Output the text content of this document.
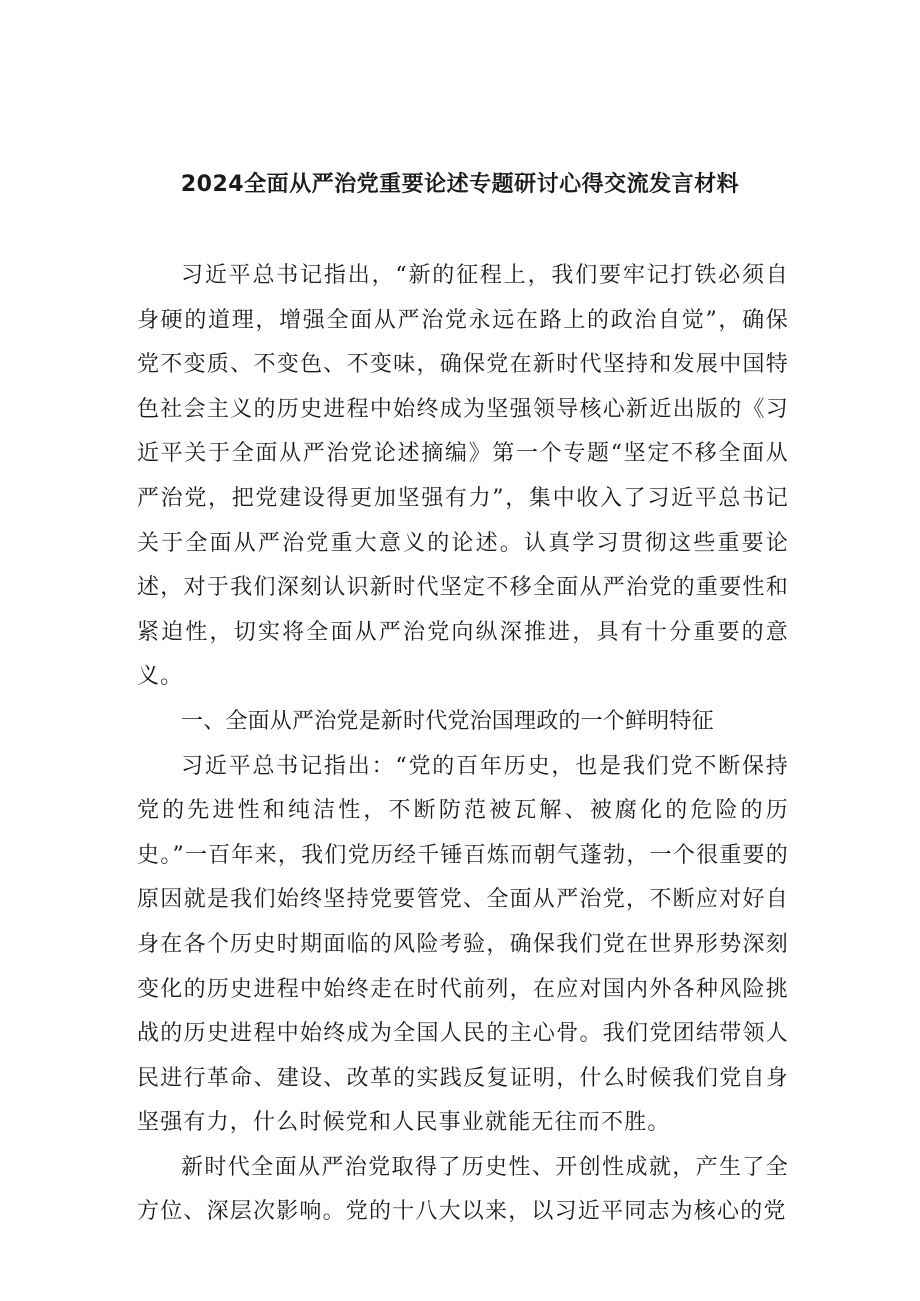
2024全面从严治党重要论述专题研讨心得交流发言材料

习近平总书记指出，“新的征程上，我们要牢记打铁必须自身硬的道理，增强全面从严治党永远在路上的政治自觉”，确保党不变质、不变色、不变味，确保党在新时代坚持和发展中国特色社会主义的历史进程中始终成为坚强领导核心新近出版的《习近平关于全面从严治党论述摘编》第一个专题“坚定不移全面从严治党，把党建设得更加坚强有力”，集中收入了习近平总书记关于全面从严治党重大意义的论述。认真学习贯彻这些重要论述，对于我们深刻认识新时代坚定不移全面从严治党的重要性和紧迫性，切实将全面从严治党向纵深推进，具有十分重要的意义。

一、全面从严治党是新时代党治国理政的一个鲜明特征

习近平总书记指出：“党的百年历史，也是我们党不断保持党的先进性和纯洁性，不断防范被瓦解、被腐化的危险的历史。”一百年来，我们党历经千锤百炼而朝气蓬勃，一个很重要的原因就是我们始终坚持党要管党、全面从严治党，不断应对好自身在各个历史时期面临的风险考验，确保我们党在世界形势深刻变化的历史进程中始终走在时代前列，在应对国内外各种风险挑战的历史进程中始终成为全国人民的主心骨。我们党团结带领人民进行革命、建设、改革的实践反复证明，什么时候我们党自身坚强有力，什么时候党和人民事业就能无往而不胜。

新时代全面从严治党取得了历史性、开创性成就，产生了全方位、深层次影响。党的十八大以来，以习近平同志为核心的党
